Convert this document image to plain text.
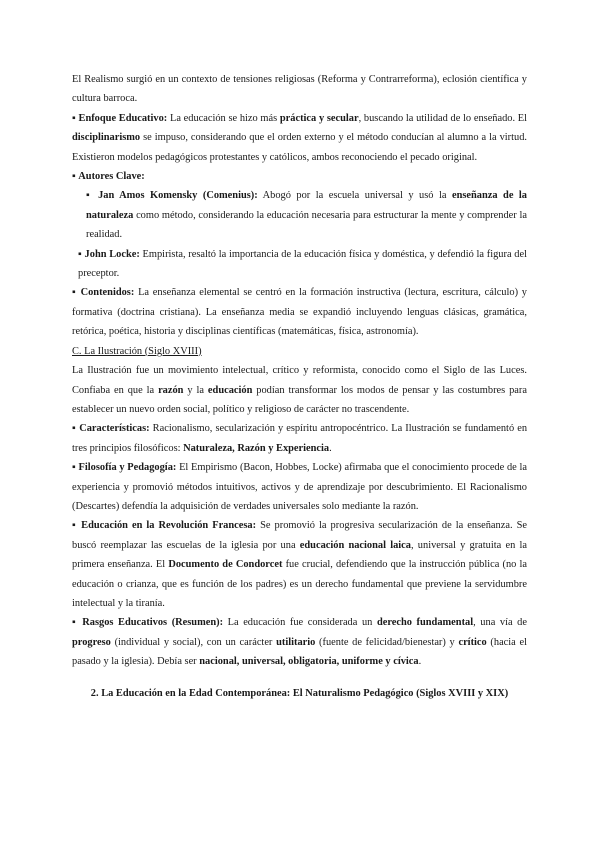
El Realismo surgió en un contexto de tensiones religiosas (Reforma y Contrarreforma), eclosión científica y cultura barroca.

▪ Enfoque Educativo: La educación se hizo más práctica y secular, buscando la utilidad de lo enseñado. El disciplinarismo se impuso, considerando que el orden externo y el método conducían al alumno a la virtud. Existieron modelos pedagógicos protestantes y católicos, ambos reconociendo el pecado original.

▪ Autores Clave:

▪ Jan Amos Komensky (Comenius): Abogó por la escuela universal y usó la enseñanza de la naturaleza como método, considerando la educación necesaria para estructurar la mente y comprender la realidad.

▪ John Locke: Empirista, resaltó la importancia de la educación física y doméstica, y defendió la figura del preceptor.

▪ Contenidos: La enseñanza elemental se centró en la formación instructiva (lectura, escritura, cálculo) y formativa (doctrina cristiana). La enseñanza media se expandió incluyendo lenguas clásicas, gramática, retórica, poética, historia y disciplinas científicas (matemáticas, física, astronomía).

C. La Ilustración (Siglo XVIII)

La Ilustración fue un movimiento intelectual, crítico y reformista, conocido como el Siglo de las Luces. Confiaba en que la razón y la educación podían transformar los modos de pensar y las costumbres para establecer un nuevo orden social, político y religioso de carácter no trascendente.

▪ Características: Racionalismo, secularización y espíritu antropocéntrico. La Ilustración se fundamentó en tres principios filosóficos: Naturaleza, Razón y Experiencia.

▪ Filosofía y Pedagogía: El Empirismo (Bacon, Hobbes, Locke) afirmaba que el conocimiento procede de la experiencia y promovió métodos intuitivos, activos y de aprendizaje por descubrimiento. El Racionalismo (Descartes) defendía la adquisición de verdades universales solo mediante la razón.

▪ Educación en la Revolución Francesa: Se promovió la progresiva secularización de la enseñanza. Se buscó reemplazar las escuelas de la iglesia por una educación nacional laica, universal y gratuita en la primera enseñanza. El Documento de Condorcet fue crucial, defendiendo que la instrucción pública (no la educación o crianza, que es función de los padres) es un derecho fundamental que previene la servidumbre intelectual y la tiranía.

▪ Rasgos Educativos (Resumen): La educación fue considerada un derecho fundamental, una vía de progreso (individual y social), con un carácter utilitario (fuente de felicidad/bienestar) y crítico (hacia el pasado y la iglesia). Debía ser nacional, universal, obligatoria, uniforme y cívica.

2. La Educación en la Edad Contemporánea: El Naturalismo Pedagógico (Siglos XVIII y XIX)
